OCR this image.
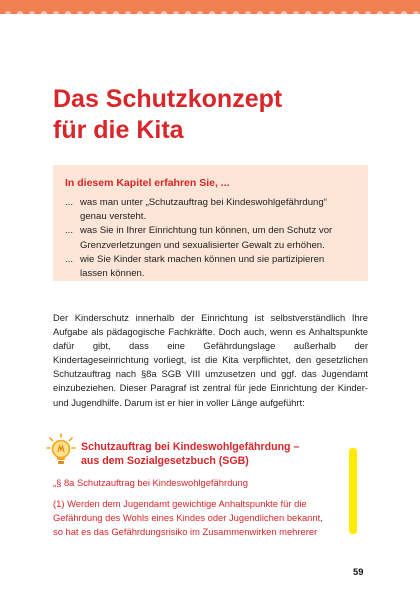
Das Schutzkonzept
für die Kita
In diesem Kapitel erfahren Sie, ...
... was man unter „Schutzauftrag bei Kindeswohlgefährdung“
genau versteht.
... was Sie in Ihrer Einrichtung tun können, um den Schutz vor
Grenzverletzungen und sexualisierter Gewalt zu erhöhen.
... wie Sie Kinder stark machen können und sie partizipieren
lassen können.

Der Kinderschutz innerhalb der Einrichtung ist selbstverständlich Ihre Aufgabe als pädagogische Fachkräfte. Doch auch, wenn es Anhaltspunkte dafür gibt, dass eine Gefährdungslage außerhalb der Kindertageseinrichtung vorliegt, ist die Kita verpflichtet, den gesetzlichen Schutzauftrag nach §8a SGB VIII umzusetzen und ggf. das Jugendamt einzubeziehen. Dieser Paragraf ist zentral für jede Einrichtung der Kinder- und Jugendhilfe. Darum ist er hier in voller Länge aufgeführt:

Schutzauftrag bei Kindeswohlgefährdung –
aus dem Sozialgesetzbuch (SGB)
„§ 8a Schutzauftrag bei Kindeswohlgefährdung
(1) Werden dem Jugendamt gewichtige Anhaltspunkte für die
Gefährdung des Wohls eines Kindes oder Jugendlichen bekannt,
so hat es das Gefährdungsrisiko im Zusammenwirken mehrerer
59
